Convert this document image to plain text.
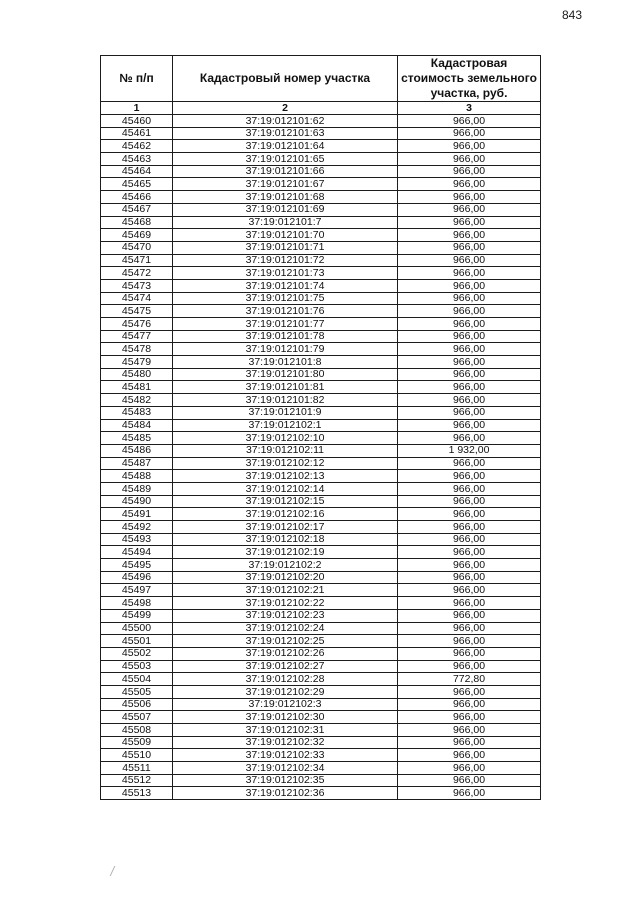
843
№ п/п	Кадастровый номер участка	Кадастровая стоимость земельного участка, руб.
1	2	3
45460	37:19:012101:62	966,00
45461	37:19:012101:63	966,00
45462	37:19:012101:64	966,00
45463	37:19:012101:65	966,00
45464	37:19:012101:66	966,00
45465	37:19:012101:67	966,00
45466	37:19:012101:68	966,00
45467	37:19:012101:69	966,00
45468	37:19:012101:7	966,00
45469	37:19:012101:70	966,00
45470	37:19:012101:71	966,00
45471	37:19:012101:72	966,00
45472	37:19:012101:73	966,00
45473	37:19:012101:74	966,00
45474	37:19:012101:75	966,00
45475	37:19:012101:76	966,00
45476	37:19:012101:77	966,00
45477	37:19:012101:78	966,00
45478	37:19:012101:79	966,00
45479	37:19:012101:8	966,00
45480	37:19:012101:80	966,00
45481	37:19:012101:81	966,00
45482	37:19:012101:82	966,00
45483	37:19:012101:9	966,00
45484	37:19:012102:1	966,00
45485	37:19:012102:10	966,00
45486	37:19:012102:11	1 932,00
45487	37:19:012102:12	966,00
45488	37:19:012102:13	966,00
45489	37:19:012102:14	966,00
45490	37:19:012102:15	966,00
45491	37:19:012102:16	966,00
45492	37:19:012102:17	966,00
45493	37:19:012102:18	966,00
45494	37:19:012102:19	966,00
45495	37:19:012102:2	966,00
45496	37:19:012102:20	966,00
45497	37:19:012102:21	966,00
45498	37:19:012102:22	966,00
45499	37:19:012102:23	966,00
45500	37:19:012102:24	966,00
45501	37:19:012102:25	966,00
45502	37:19:012102:26	966,00
45503	37:19:012102:27	966,00
45504	37:19:012102:28	772,80
45505	37:19:012102:29	966,00
45506	37:19:012102:3	966,00
45507	37:19:012102:30	966,00
45508	37:19:012102:31	966,00
45509	37:19:012102:32	966,00
45510	37:19:012102:33	966,00
45511	37:19:012102:34	966,00
45512	37:19:012102:35	966,00
45513	37:19:012102:36	966,00
